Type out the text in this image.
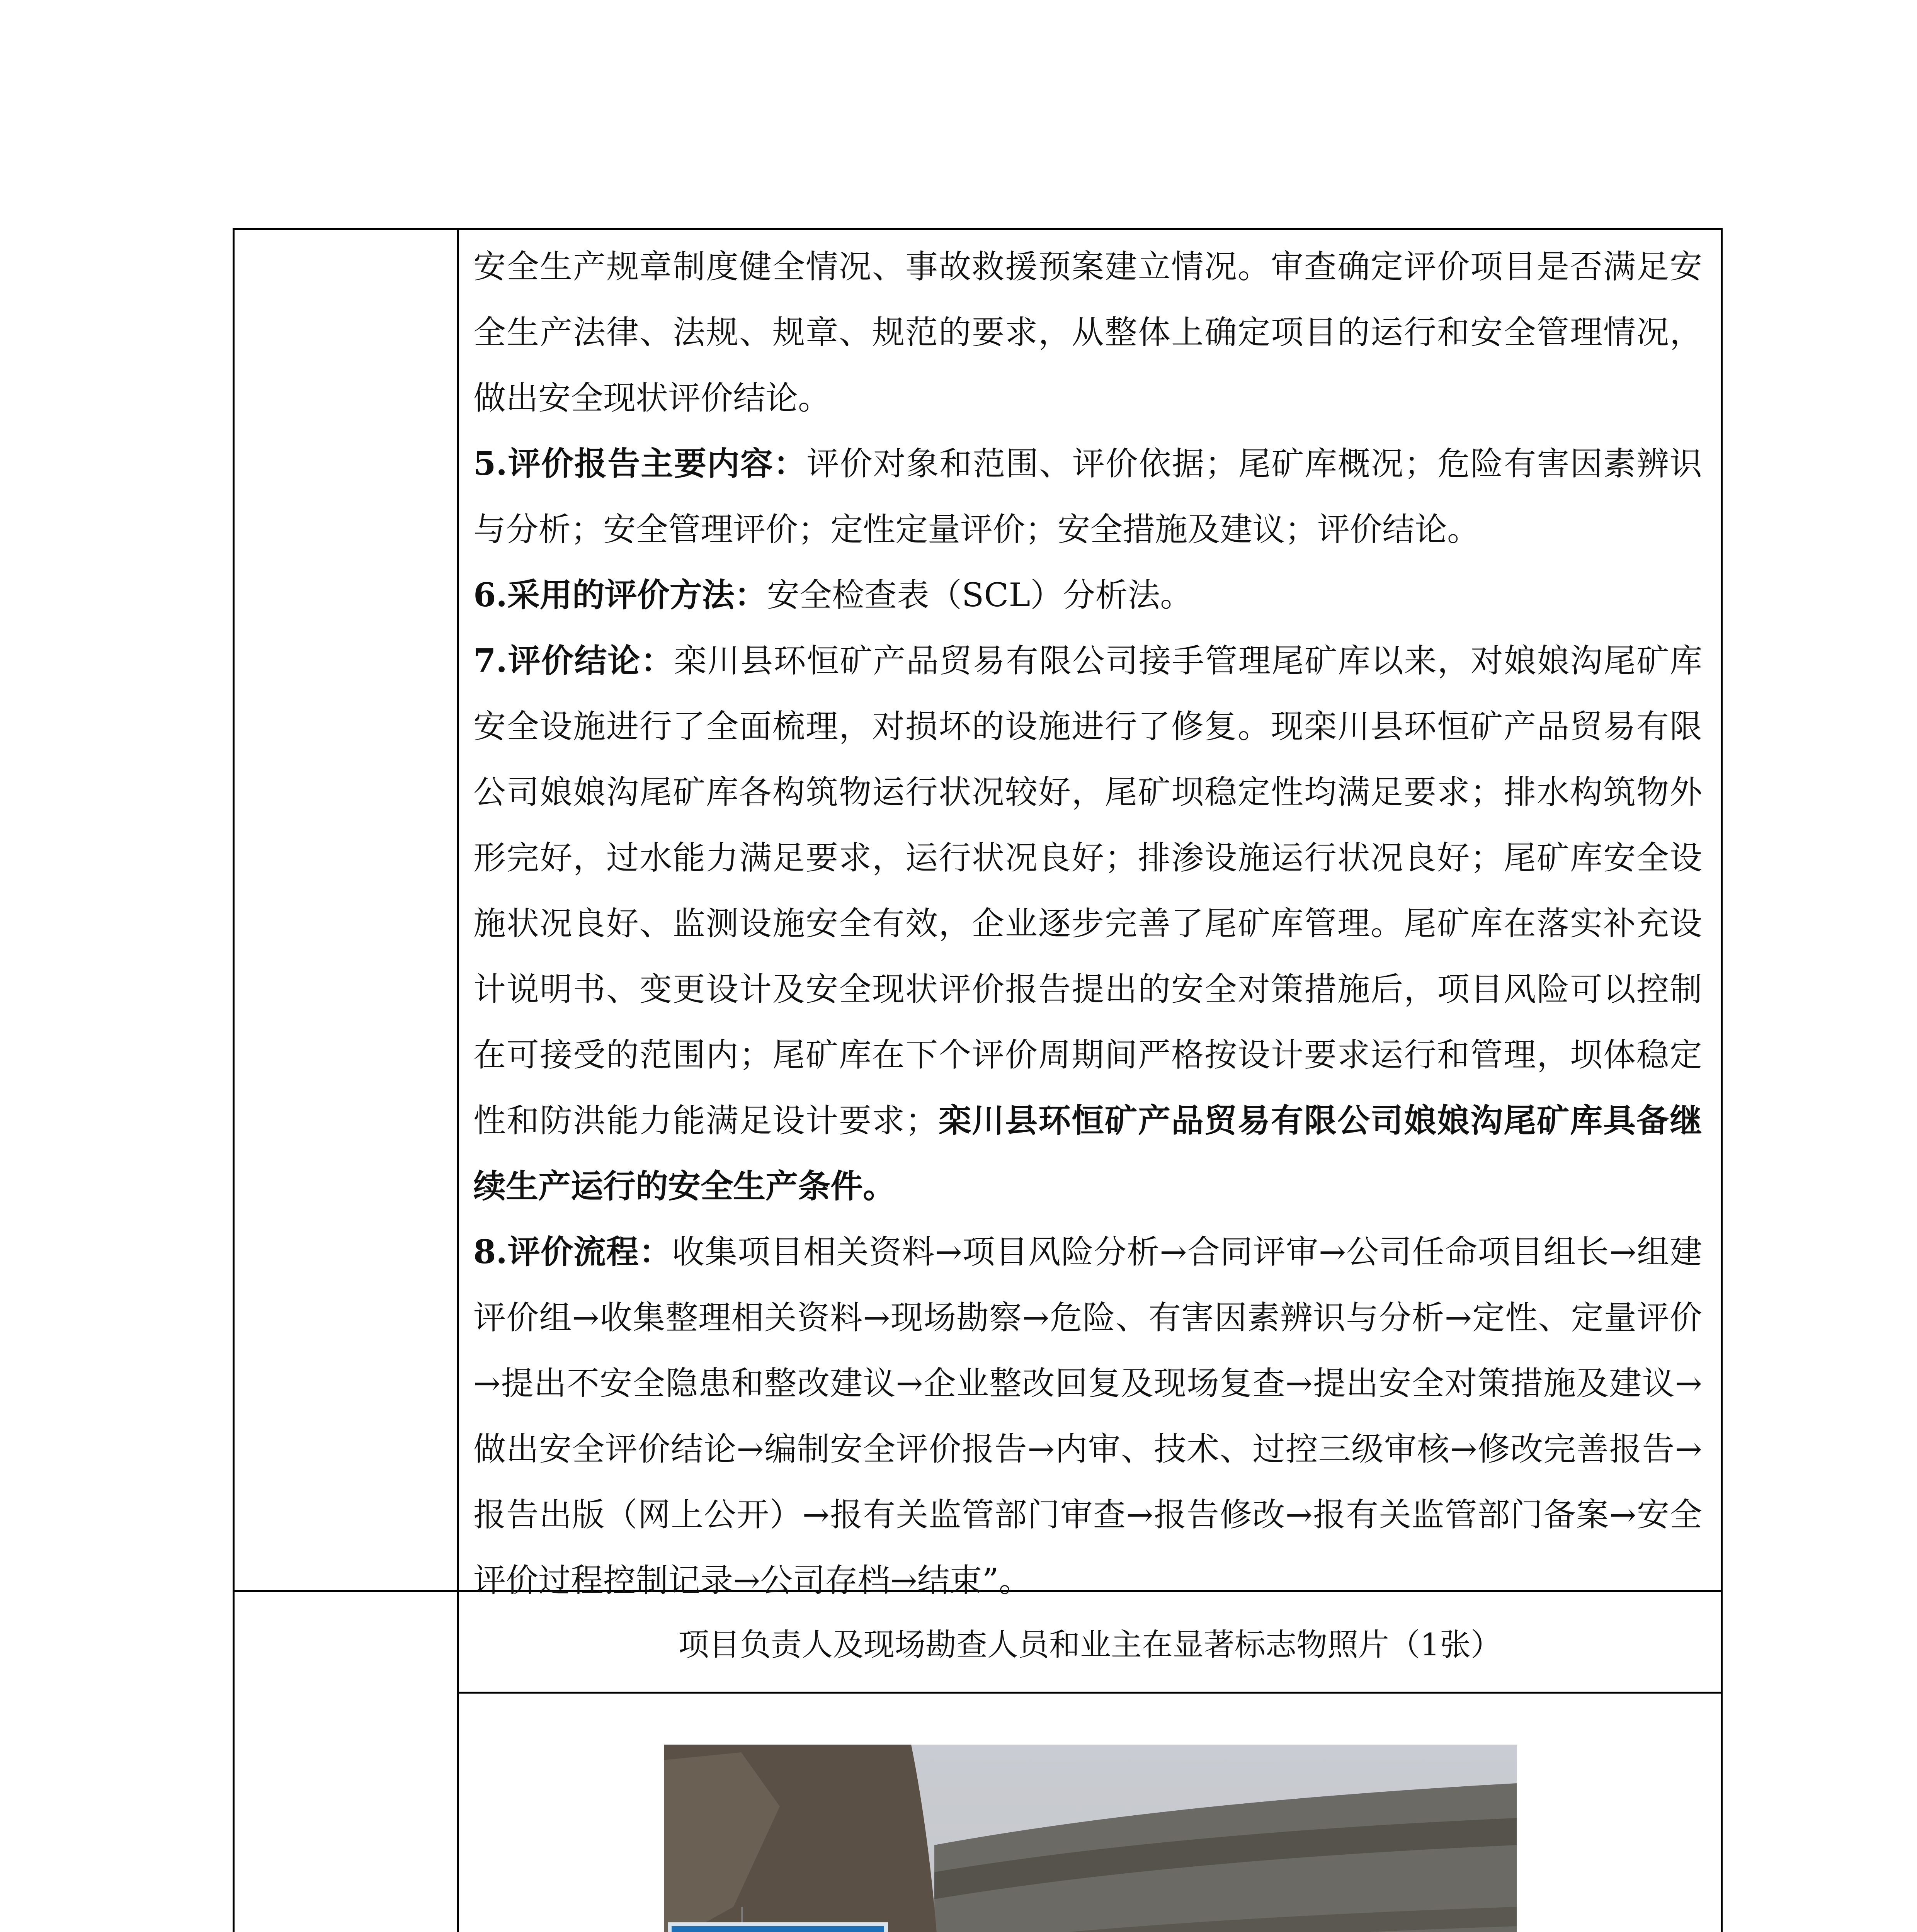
安全生产规章制度健全情况、事故救援预案建立情况。审查确定评价项目是否满足安全生产法律、法规、规章、规范的要求，从整体上确定项目的运行和安全管理情况，做出安全现状评价结论。

5.评价报告主要内容：评价对象和范围、评价依据；尾矿库概况；危险有害因素辨识与分析；安全管理评价；定性定量评价；安全措施及建议；评价结论。

6.采用的评价方法：安全检查表（SCL）分析法。

7.评价结论：栾川县环恒矿产品贸易有限公司接手管理尾矿库以来，对娘娘沟尾矿库安全设施进行了全面梳理，对损坏的设施进行了修复。现栾川县环恒矿产品贸易有限公司娘娘沟尾矿库各构筑物运行状况较好，尾矿坝稳定性均满足要求；排水构筑物外形完好，过水能力满足要求，运行状况良好；排渗设施运行状况良好；尾矿库安全设施状况良好、监测设施安全有效，企业逐步完善了尾矿库管理。尾矿库在落实补充设计说明书、变更设计及安全现状评价报告提出的安全对策措施后，项目风险可以控制在可接受的范围内；尾矿库在下个评价周期间严格按设计要求运行和管理，坝体稳定性和防洪能力能满足设计要求；栾川县环恒矿产品贸易有限公司娘娘沟尾矿库具备继续生产运行的安全生产条件。

8.评价流程：收集项目相关资料→项目风险分析→合同评审→公司任命项目组长→组建评价组→收集整理相关资料→现场勘察→危险、有害因素辨识与分析→定性、定量评价→提出不安全隐患和整改建议→企业整改回复及现场复查→提出安全对策措施及建议→做出安全评价结论→编制安全评价报告→内审、技术、过控三级审核→修改完善报告→报告出版（网上公开）→报有关监管部门审查→报告修改→报有关监管部门备案→安全评价过程控制记录→公司存档→结束”。

项目负责人及现场勘查人员和业主在显著标志物照片（1张）
